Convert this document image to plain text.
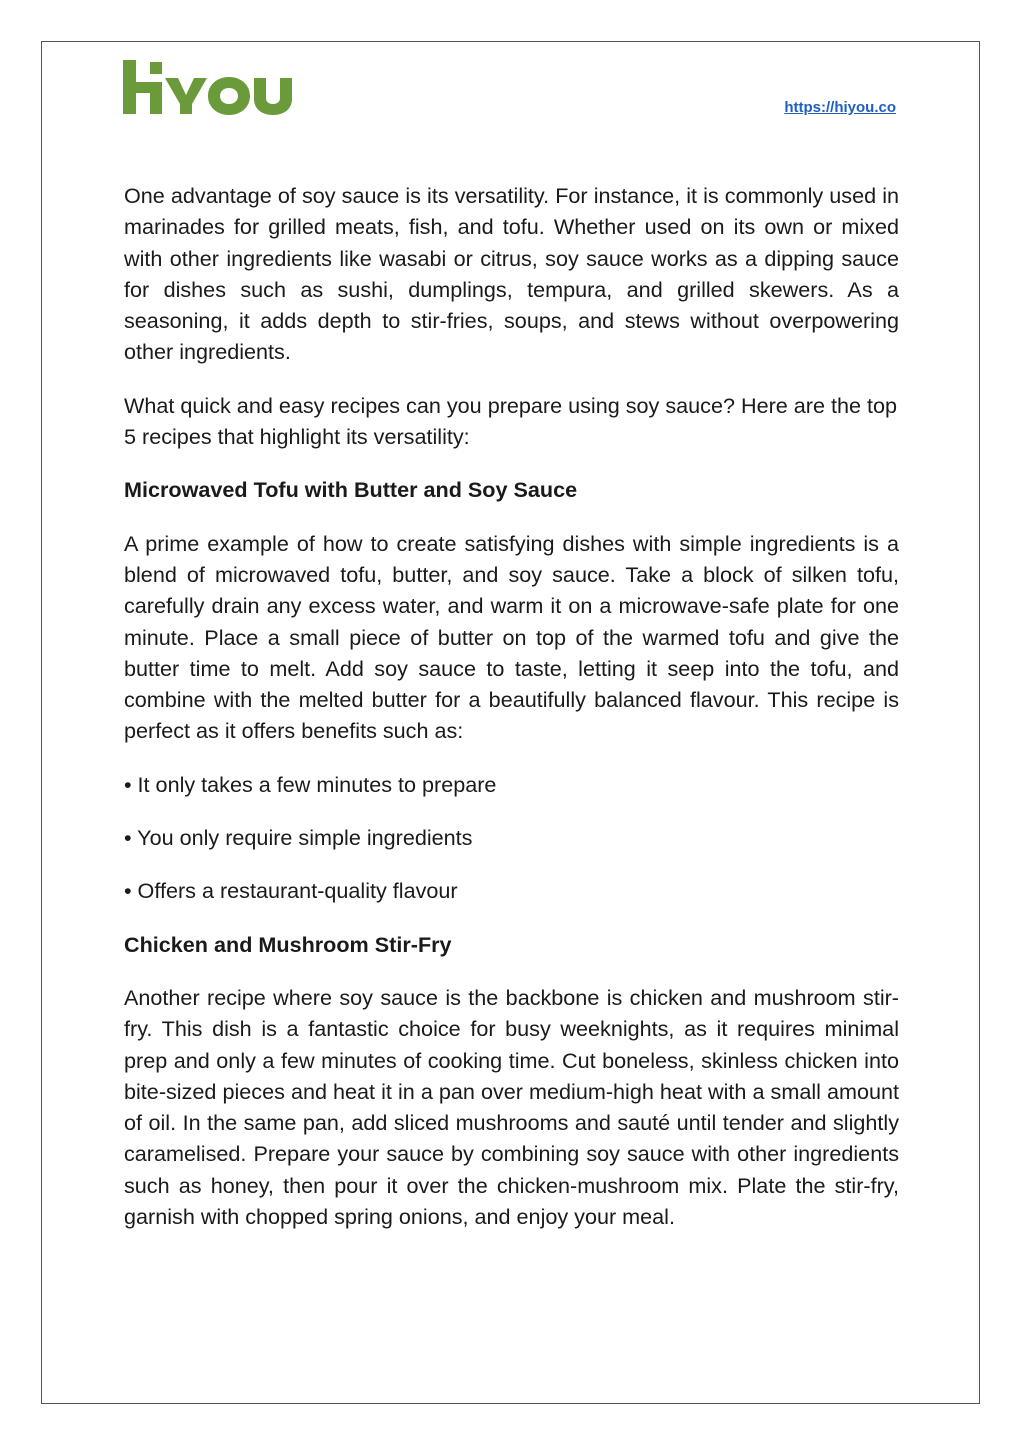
https://hiyou.co

One advantage of soy sauce is its versatility. For instance, it is commonly used in marinades for grilled meats, fish, and tofu. Whether used on its own or mixed with other ingredients like wasabi or citrus, soy sauce works as a dipping sauce for dishes such as sushi, dumplings, tempura, and grilled skewers. As a seasoning, it adds depth to stir-fries, soups, and stews without overpowering other ingredients.

What quick and easy recipes can you prepare using soy sauce? Here are the top 5 recipes that highlight its versatility:

Microwaved Tofu with Butter and Soy Sauce

A prime example of how to create satisfying dishes with simple ingredients is a blend of microwaved tofu, butter, and soy sauce. Take a block of silken tofu, carefully drain any excess water, and warm it on a microwave-safe plate for one minute. Place a small piece of butter on top of the warmed tofu and give the butter time to melt. Add soy sauce to taste, letting it seep into the tofu, and combine with the melted butter for a beautifully balanced flavour. This recipe is perfect as it offers benefits such as:

• It only takes a few minutes to prepare

• You only require simple ingredients

• Offers a restaurant-quality flavour

Chicken and Mushroom Stir-Fry

Another recipe where soy sauce is the backbone is chicken and mushroom stir-fry. This dish is a fantastic choice for busy weeknights, as it requires minimal prep and only a few minutes of cooking time. Cut boneless, skinless chicken into bite-sized pieces and heat it in a pan over medium-high heat with a small amount of oil. In the same pan, add sliced mushrooms and sauté until tender and slightly caramelised. Prepare your sauce by combining soy sauce with other ingredients such as honey, then pour it over the chicken-mushroom mix. Plate the stir-fry, garnish with chopped spring onions, and enjoy your meal.
